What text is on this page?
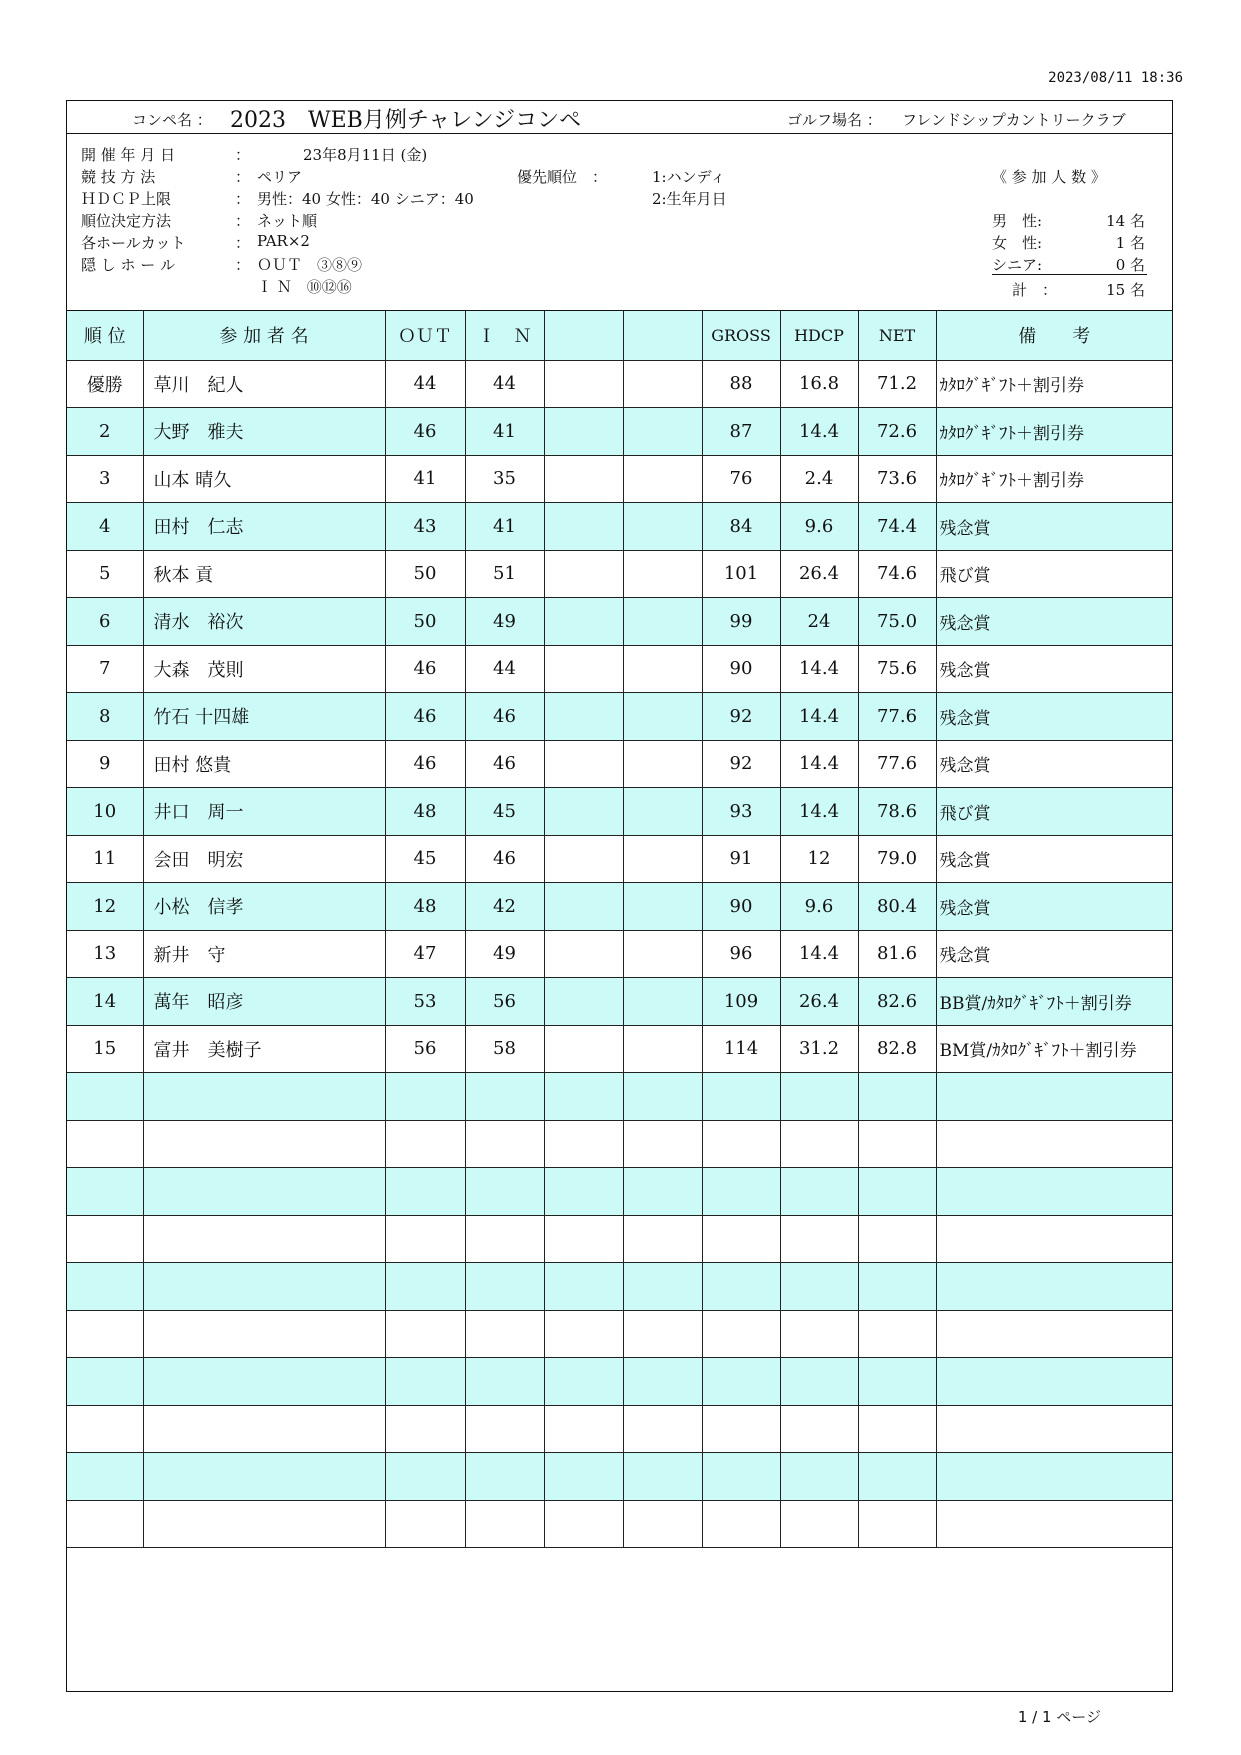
2023/08/11 18:36
コンペ名 ： 2023　WEB月例チャレンジコンペ	ゴルフ場名 ： フレンドシップカントリークラブ
開 催 年 月 日	：	23年8月11日 (金)
競 技 方 法	： ペリア	優先順位　：	1:ハンディ	《 参 加 人 数 》
ＨＤＣＰ上限	： 男性：40 女性：40 シニア：40	2:生年月日
順位決定方法	： ネット順	男　性:	14 名
各ホールカット	： PAR×2	女　性:	1 名
隠 し ホ ー ル	： ＯＵＴ　③⑧⑨	シニア:	0 名
Ｉ Ｎ　⑩⑫⑯	計　：	15 名
順 位	参 加 者 名	ＯＵＴ	Ｉ　Ｎ			GROSS	HDCP	NET	備　　考
優勝	草川　紀人	44	44			88	16.8	71.2	ｶﾀﾛｸﾞｷﾞﾌﾄ＋割引券
2	大野　雅夫	46	41			87	14.4	72.6	ｶﾀﾛｸﾞｷﾞﾌﾄ＋割引券
3	山本 晴久	41	35			76	2.4	73.6	ｶﾀﾛｸﾞｷﾞﾌﾄ＋割引券
4	田村　仁志	43	41			84	9.6	74.4	残念賞
5	秋本 貢	50	51			101	26.4	74.6	飛び賞
6	清水　裕次	50	49			99	24	75.0	残念賞
7	大森　茂則	46	44			90	14.4	75.6	残念賞
8	竹石 十四雄	46	46			92	14.4	77.6	残念賞
9	田村 悠貴	46	46			92	14.4	77.6	残念賞
10	井口　周一	48	45			93	14.4	78.6	飛び賞
11	会田　明宏	45	46			91	12	79.0	残念賞
12	小松　信孝	48	42			90	9.6	80.4	残念賞
13	新井　守	47	49			96	14.4	81.6	残念賞
14	萬年　昭彦	53	56			109	26.4	82.6	BB賞/ｶﾀﾛｸﾞｷﾞﾌﾄ＋割引券
15	富井　美樹子	56	58			114	31.2	82.8	BM賞/ｶﾀﾛｸﾞｷﾞﾌﾄ＋割引券

1 / 1 ページ
